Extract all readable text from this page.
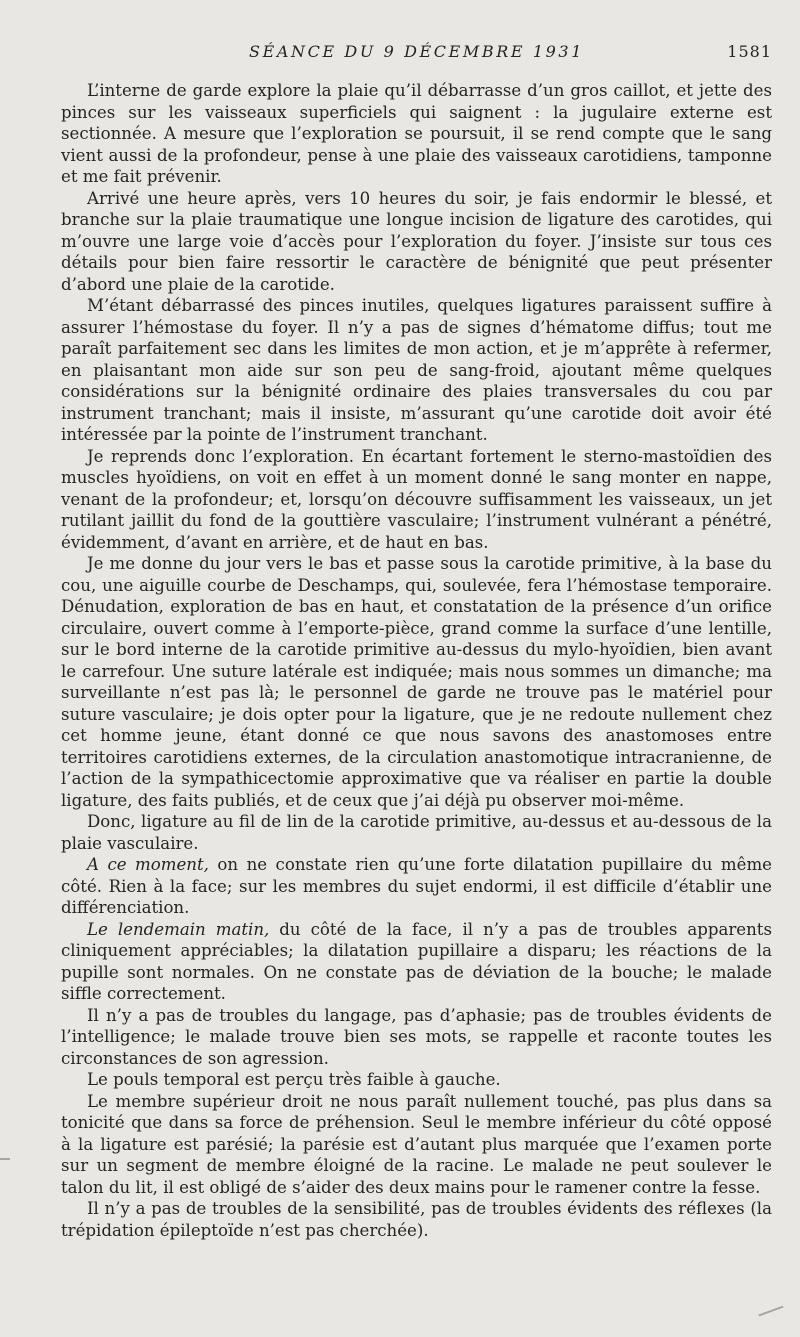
SÉANCE DU 9 DÉCEMBRE 1931	1581

L’interne de garde explore la plaie qu’il débarrasse d’un gros caillot, et jette des pinces sur les vaisseaux superficiels qui saignent : la jugulaire externe est sectionnée. A mesure que l’exploration se poursuit, il se rend compte que le sang vient aussi de la profondeur, pense à une plaie des vaisseaux carotidiens, tamponne et me fait prévenir.

Arrivé une heure après, vers 10 heures du soir, je fais endormir le blessé, et branche sur la plaie traumatique une longue incision de ligature des carotides, qui m’ouvre une large voie d’accès pour l’exploration du foyer. J’insiste sur tous ces détails pour bien faire ressortir le caractère de bénignité que peut présenter d’abord une plaie de la carotide.

M’étant débarrassé des pinces inutiles, quelques ligatures paraissent suffire à assurer l’hémostase du foyer. Il n’y a pas de signes d’hématome diffus; tout me paraît parfaitement sec dans les limites de mon action, et je m’apprête à refermer, en plaisantant mon aide sur son peu de sang-froid, ajoutant même quelques considérations sur la bénignité ordinaire des plaies transversales du cou par instrument tranchant; mais il insiste, m’assurant qu’une carotide doit avoir été intéressée par la pointe de l’instrument tranchant.

Je reprends donc l’exploration. En écartant fortement le sterno-mastoïdien des muscles hyoïdiens, on voit en effet à un moment donné le sang monter en nappe, venant de la profondeur; et, lorsqu’on découvre suffisamment les vaisseaux, un jet rutilant jaillit du fond de la gouttière vasculaire; l’instrument vulnérant a pénétré, évidemment, d’avant en arrière, et de haut en bas.

Je me donne du jour vers le bas et passe sous la carotide primitive, à la base du cou, une aiguille courbe de Deschamps, qui, soulevée, fera l’hémostase temporaire. Dénudation, exploration de bas en haut, et constatation de la présence d’un orifice circulaire, ouvert comme à l’emporte-pièce, grand comme la surface d’une lentille, sur le bord interne de la carotide primitive au-dessus du mylo-hyoïdien, bien avant le carrefour. Une suture latérale est indiquée; mais nous sommes un dimanche; ma surveillante n’est pas là; le personnel de garde ne trouve pas le matériel pour suture vasculaire; je dois opter pour la ligature, que je ne redoute nullement chez cet homme jeune, étant donné ce que nous savons des anastomoses entre territoires carotidiens externes, de la circulation anastomotique intracranienne, de l’action de la sympathicectomie approximative que va réaliser en partie la double ligature, des faits publiés, et de ceux que j’ai déjà pu observer moi-même.

Donc, ligature au fil de lin de la carotide primitive, au-dessus et au-dessous de la plaie vasculaire.

A ce moment, on ne constate rien qu’une forte dilatation pupillaire du même côté. Rien à la face; sur les membres du sujet endormi, il est difficile d’établir une différenciation.

Le lendemain matin, du côté de la face, il n’y a pas de troubles apparents cliniquement appréciables; la dilatation pupillaire a disparu; les réactions de la pupille sont normales. On ne constate pas de déviation de la bouche; le malade siffle correctement.

Il n’y a pas de troubles du langage, pas d’aphasie; pas de troubles évidents de l’intelligence; le malade trouve bien ses mots, se rappelle et raconte toutes les circonstances de son agression.

Le pouls temporal est perçu très faible à gauche.

Le membre supérieur droit ne nous paraît nullement touché, pas plus dans sa tonicité que dans sa force de préhension. Seul le membre inférieur du côté opposé à la ligature est parésié; la parésie est d’autant plus marquée que l’examen porte sur un segment de membre éloigné de la racine. Le malade ne peut soulever le talon du lit, il est obligé de s’aider des deux mains pour le ramener contre la fesse.

Il n’y a pas de troubles de la sensibilité, pas de troubles évidents des réflexes (la trépidation épileptoïde n’est pas cherchée).
